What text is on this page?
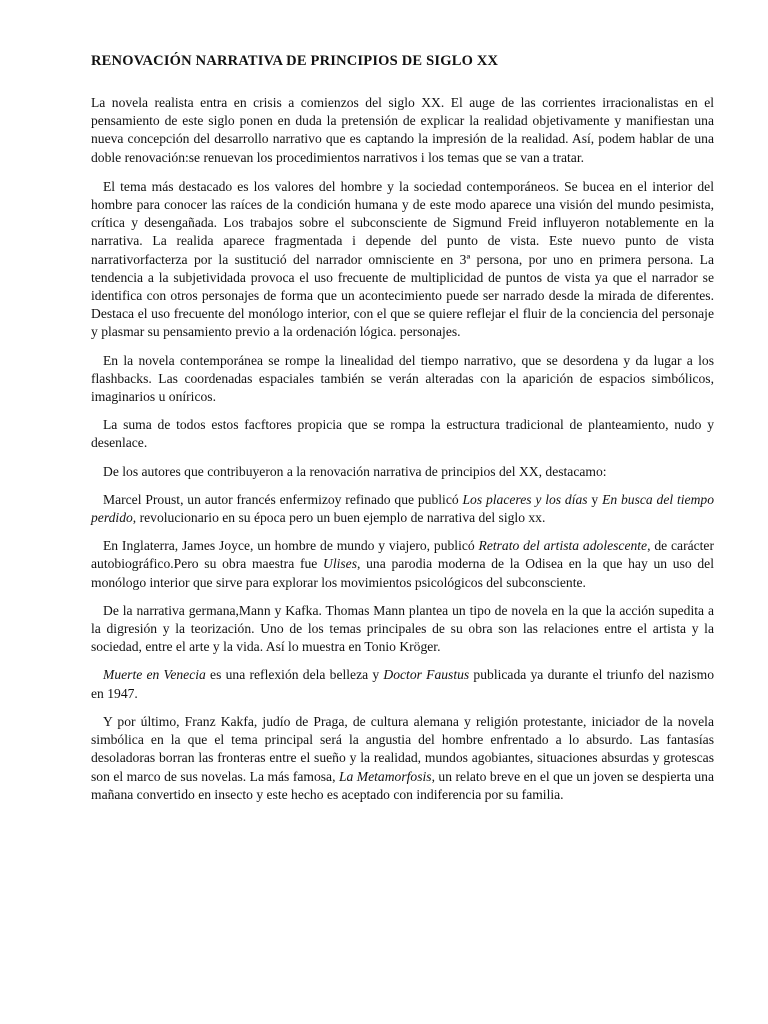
RENOVACIÓN NARRATIVA DE PRINCIPIOS DE SIGLO XX

La novela realista entra en crisis a comienzos del siglo XX. El auge de las corrientes irracionalistas en el pensamiento de este siglo ponen en duda la pretensión de explicar la realidad objetivamente y manifiestan una nueva concepción del desarrollo narrativo que es captando la impresión de la realidad. Así, podem hablar de una doble renovación:se renuevan los procedimientos narrativos i los temas que se van a tratar.

El tema más destacado es los valores del hombre y la sociedad contemporáneos. Se bucea en el interior del hombre para conocer las raíces de la condición humana y de este modo aparece una visión del mundo pesimista, crítica y desengañada. Los trabajos sobre el subconsciente de Sigmund Freid influyeron notablemente en la narrativa. La realida aparece fragmentada i depende del punto de vista. Este nuevo punto de vista narrativorfacterza por la sustitució del narrador omnisciente en 3ª persona, por uno en primera persona. La tendencia a la subjetividada provoca el uso frecuente de multiplicidad de puntos de vista ya que el narrador se identifica con otros personajes de forma que un acontecimiento puede ser narrado desde la mirada de diferentes. Destaca el uso frecuente del monólogo interior, con el que se quiere reflejar el fluir de la conciencia del personaje y plasmar su pensamiento previo a la ordenación lógica. personajes.

En la novela contemporánea se rompe la linealidad del tiempo narrativo, que se desordena y da lugar a los flashbacks. Las coordenadas espaciales también se verán alteradas con la aparición de espacios simbólicos, imaginarios u oníricos.

La suma de todos estos facftores propicia que se rompa la estructura tradicional de planteamiento, nudo y desenlace.

De los autores que contribuyeron a la renovación narrativa de principios del XX, destacamo:

Marcel Proust, un autor francés enfermizoy refinado que publicó Los placeres y los días y En busca del tiempo perdido, revolucionario en su época pero un buen ejemplo de narrativa del siglo xx.

En Inglaterra, James Joyce, un hombre de mundo y viajero, publicó Retrato del artista adolescente, de carácter autobiográfico.Pero su obra maestra fue Ulises, una parodia moderna de la Odisea en la que hay un uso del monólogo interior que sirve para explorar los movimientos psicológicos del subconsciente.

De la narrativa germana,Mann y Kafka. Thomas Mann plantea un tipo de novela en la que la acción supedita a la digresión y la teorización. Uno de los temas principales de su obra son las relaciones entre el artista y la sociedad, entre el arte y la vida. Así lo muestra en Tonio Kröger.

Muerte en Venecia es una reflexión dela belleza y Doctor Faustus publicada ya durante el triunfo del nazismo en 1947.

Y por último, Franz Kakfa, judío de Praga, de cultura alemana y religión protestante, iniciador de la novela simbólica en la que el tema principal será la angustia del hombre enfrentado a lo absurdo. Las fantasías desoladoras borran las fronteras entre el sueño y la realidad, mundos agobiantes, situaciones absurdas y grotescas son el marco de sus novelas. La más famosa, La Metamorfosis, un relato breve en el que un joven se despierta una mañana convertido en insecto y este hecho es aceptado con indiferencia por su familia.
